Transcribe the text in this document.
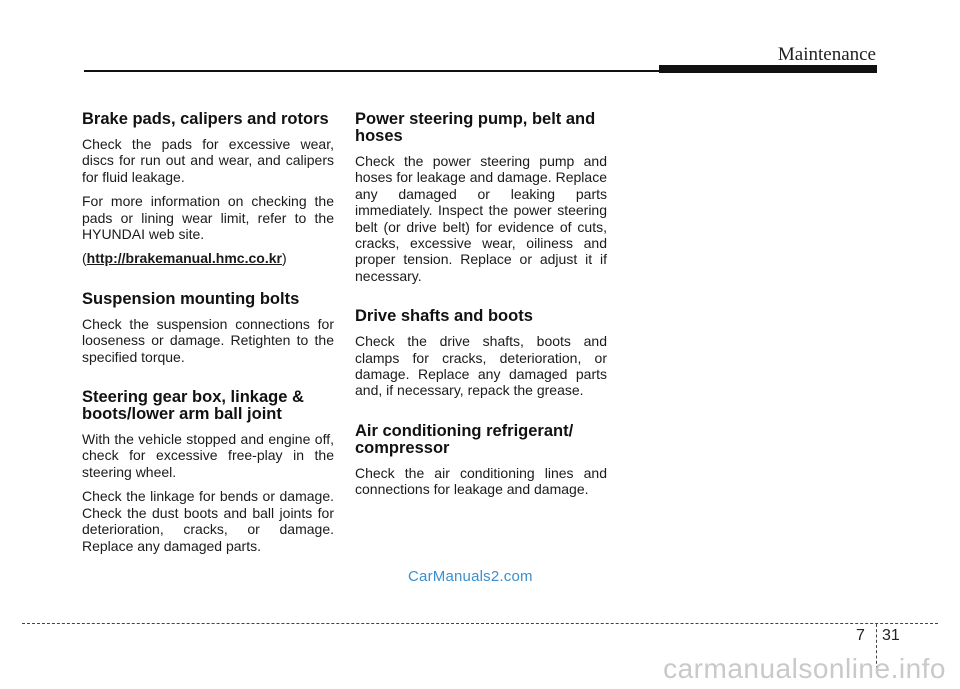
Maintenance
Brake pads, calipers and rotors

Check the pads for excessive wear, discs for run out and wear, and calipers for fluid leakage.

For more information on checking the pads or lining wear limit, refer to the HYUNDAI web site.

(http://brakemanual.hmc.co.kr)

Suspension mounting bolts

Check the suspension connections for looseness or damage. Retighten to the specified torque.

Steering gear box, linkage & boots/lower arm ball joint

With the vehicle stopped and engine off, check for excessive free-play in the steering wheel.

Check the linkage for bends or damage. Check the dust boots and ball joints for deterioration, cracks, or damage. Replace any damaged parts.

Power steering pump, belt and hoses

Check the power steering pump and hoses for leakage and damage. Replace any damaged or leaking parts immediately. Inspect the power steering belt (or drive belt) for evidence of cuts, cracks, excessive wear, oiliness and proper tension. Replace or adjust it if necessary.

Drive shafts and boots

Check the drive shafts, boots and clamps for cracks, deterioration, or damage. Replace any damaged parts and, if necessary, repack the grease.

Air conditioning refrigerant/ compressor

Check the air conditioning lines and connections for leakage and damage.

CarManuals2.com
7 31
carmanualsonline.info
